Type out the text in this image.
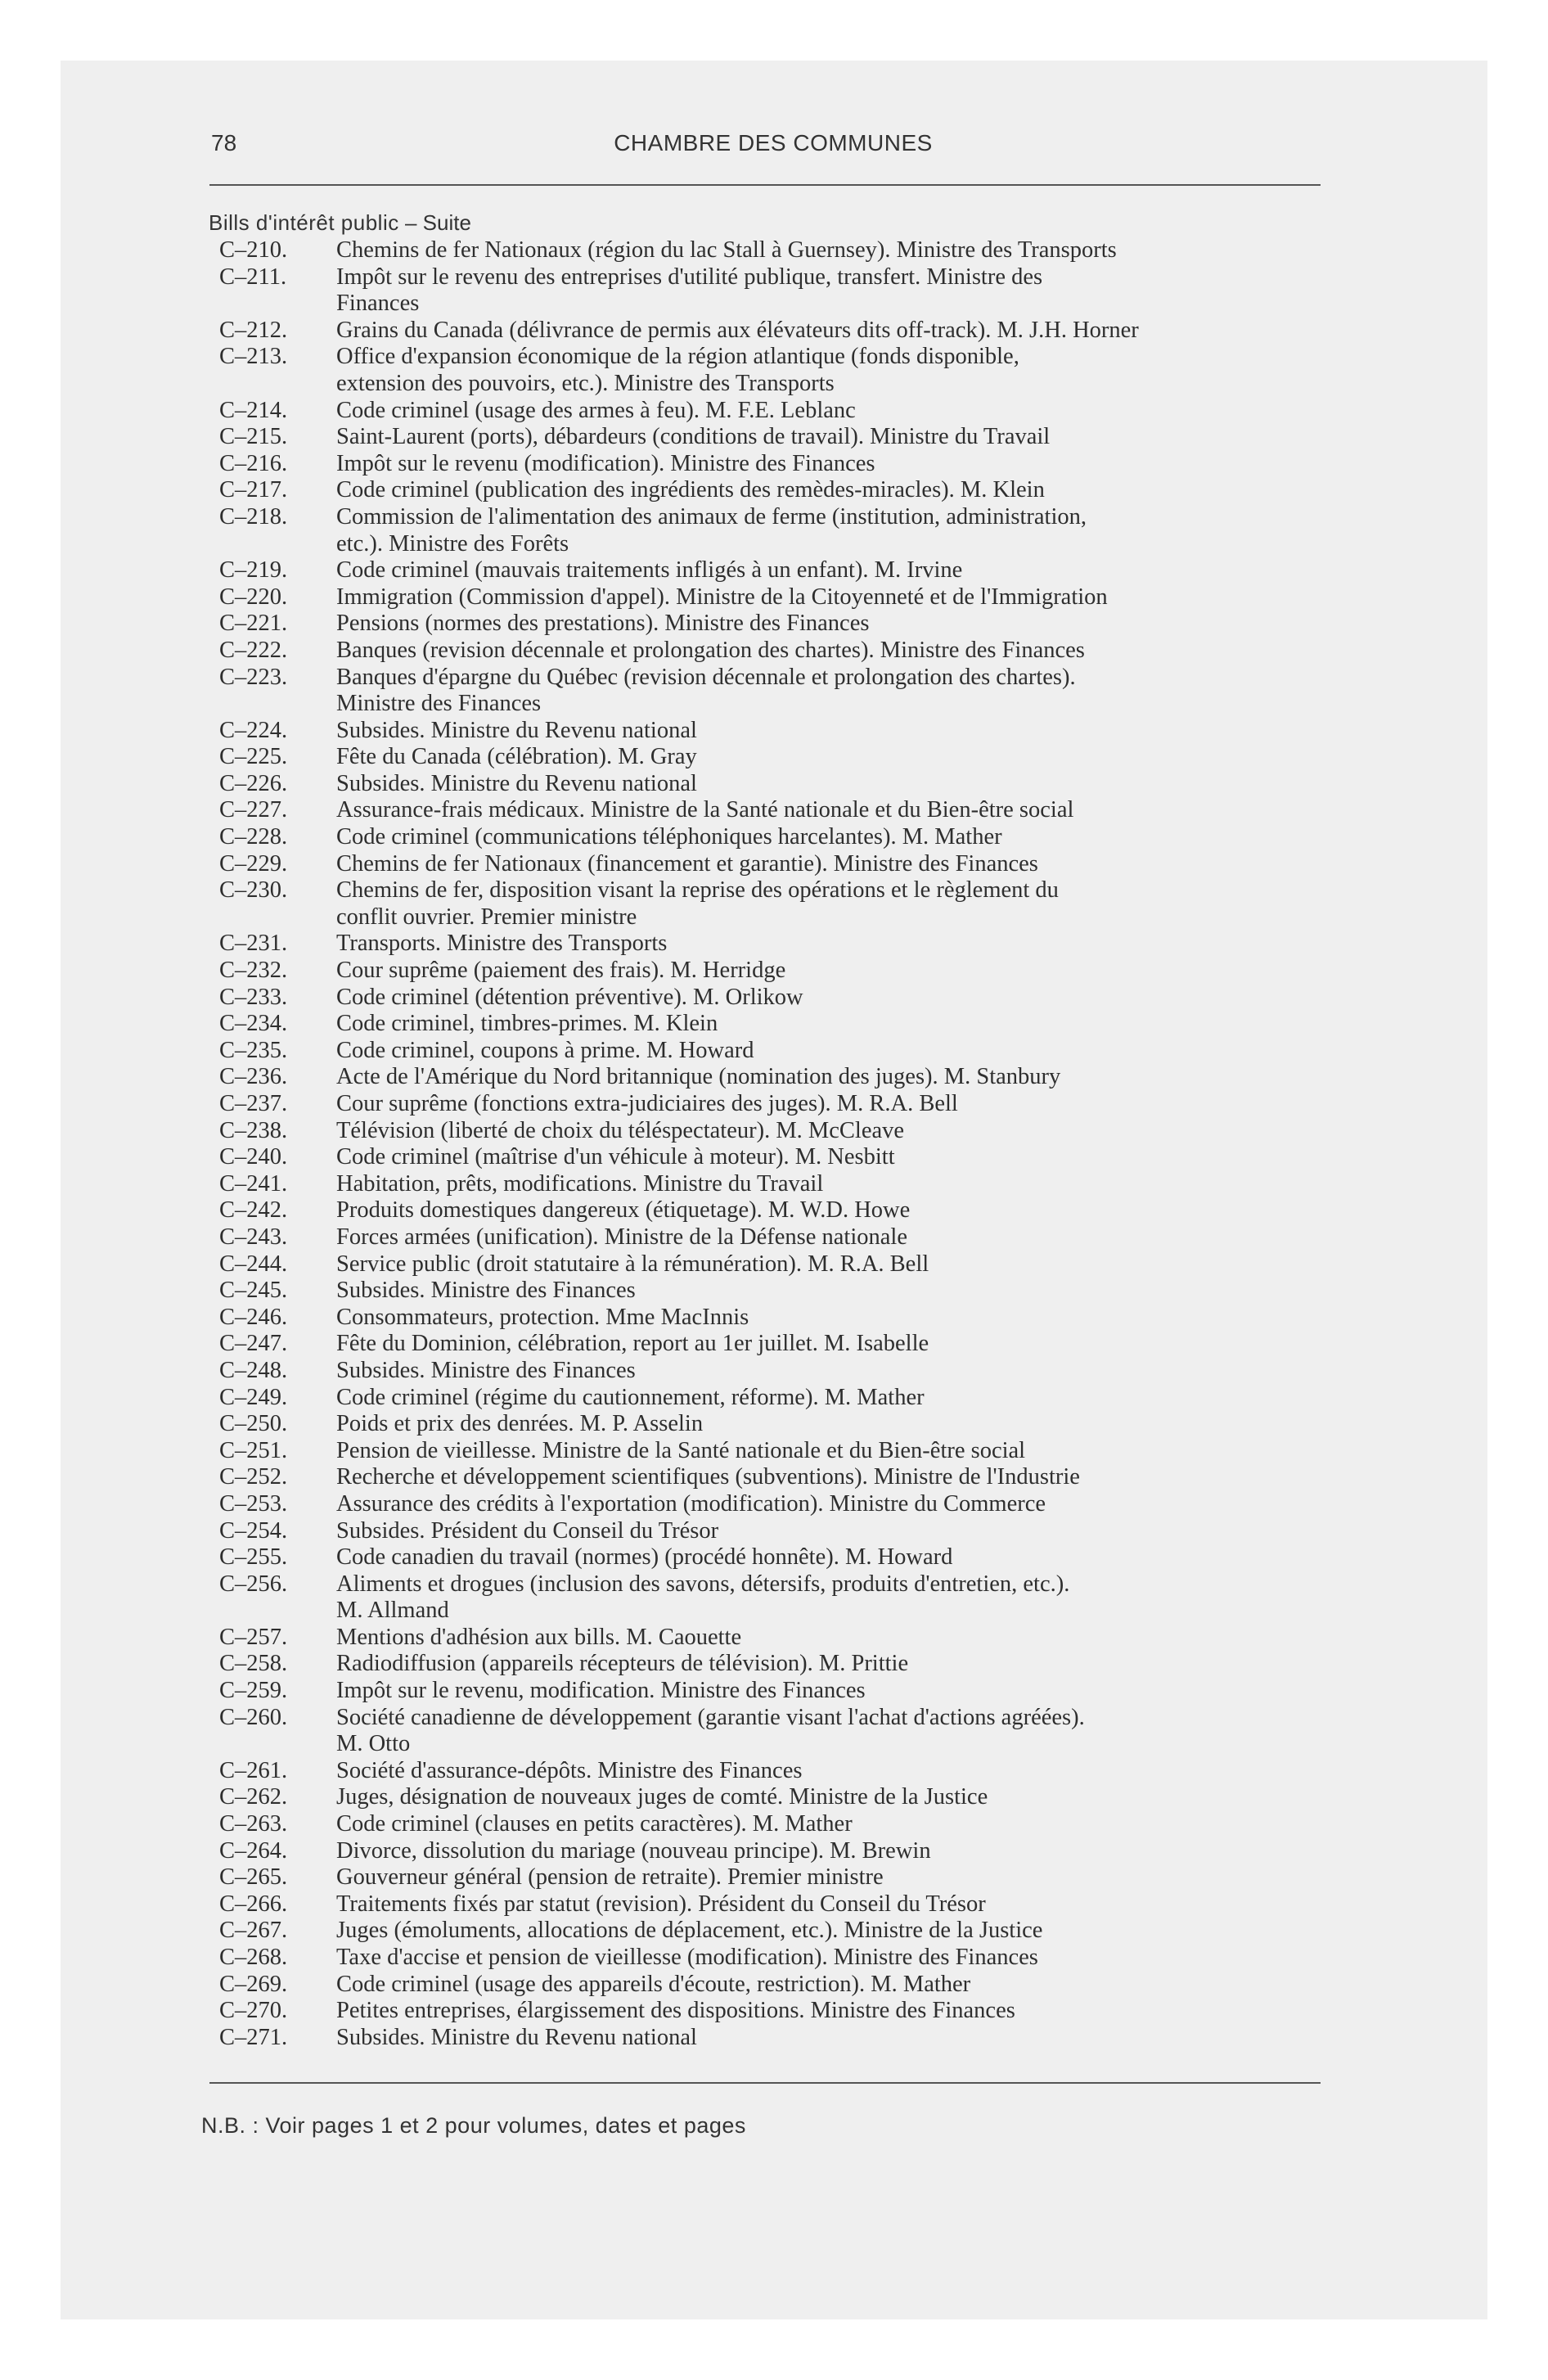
78	CHAMBRE DES COMMUNES
Bills d'intérêt public – Suite
C–210.	Chemins de fer Nationaux (région du lac Stall à Guernsey). Ministre des Transports
C–211.	Impôt sur le revenu des entreprises d'utilité publique, transfert. Ministre des
Finances
C–212.	Grains du Canada (délivrance de permis aux élévateurs dits off-track). M. J.H. Horner
C–213.	Office d'expansion économique de la région atlantique (fonds disponible,
extension des pouvoirs, etc.). Ministre des Transports
C–214.	Code criminel (usage des armes à feu). M. F.E. Leblanc
C–215.	Saint-Laurent (ports), débardeurs (conditions de travail). Ministre du Travail
C–216.	Impôt sur le revenu (modification). Ministre des Finances
C–217.	Code criminel (publication des ingrédients des remèdes-miracles). M. Klein
C–218.	Commission de l'alimentation des animaux de ferme (institution, administration,
etc.). Ministre des Forêts
C–219.	Code criminel (mauvais traitements infligés à un enfant). M. Irvine
C–220.	Immigration (Commission d'appel). Ministre de la Citoyenneté et de l'Immigration
C–221.	Pensions (normes des prestations). Ministre des Finances
C–222.	Banques (revision décennale et prolongation des chartes). Ministre des Finances
C–223.	Banques d'épargne du Québec (revision décennale et prolongation des chartes).
Ministre des Finances
C–224.	Subsides. Ministre du Revenu national
C–225.	Fête du Canada (célébration). M. Gray
C–226.	Subsides. Ministre du Revenu national
C–227.	Assurance-frais médicaux. Ministre de la Santé nationale et du Bien-être social
C–228.	Code criminel (communications téléphoniques harcelantes). M. Mather
C–229.	Chemins de fer Nationaux (financement et garantie). Ministre des Finances
C–230.	Chemins de fer, disposition visant la reprise des opérations et le règlement du
conflit ouvrier. Premier ministre
C–231.	Transports. Ministre des Transports
C–232.	Cour suprême (paiement des frais). M. Herridge
C–233.	Code criminel (détention préventive). M. Orlikow
C–234.	Code criminel, timbres-primes. M. Klein
C–235.	Code criminel, coupons à prime. M. Howard
C–236.	Acte de l'Amérique du Nord britannique (nomination des juges). M. Stanbury
C–237.	Cour suprême (fonctions extra-judiciaires des juges). M. R.A. Bell
C–238.	Télévision (liberté de choix du téléspectateur). M. McCleave
C–240.	Code criminel (maîtrise d'un véhicule à moteur). M. Nesbitt
C–241.	Habitation, prêts, modifications. Ministre du Travail
C–242.	Produits domestiques dangereux (étiquetage). M. W.D. Howe
C–243.	Forces armées (unification). Ministre de la Défense nationale
C–244.	Service public (droit statutaire à la rémunération). M. R.A. Bell
C–245.	Subsides. Ministre des Finances
C–246.	Consommateurs, protection. Mme MacInnis
C–247.	Fête du Dominion, célébration, report au 1er juillet. M. Isabelle
C–248.	Subsides. Ministre des Finances
C–249.	Code criminel (régime du cautionnement, réforme). M. Mather
C–250.	Poids et prix des denrées. M. P. Asselin
C–251.	Pension de vieillesse. Ministre de la Santé nationale et du Bien-être social
C–252.	Recherche et développement scientifiques (subventions). Ministre de l'Industrie
C–253.	Assurance des crédits à l'exportation (modification). Ministre du Commerce
C–254.	Subsides. Président du Conseil du Trésor
C–255.	Code canadien du travail (normes) (procédé honnête). M. Howard
C–256.	Aliments et drogues (inclusion des savons, détersifs, produits d'entretien, etc.).
M. Allmand
C–257.	Mentions d'adhésion aux bills. M. Caouette
C–258.	Radiodiffusion (appareils récepteurs de télévision). M. Prittie
C–259.	Impôt sur le revenu, modification. Ministre des Finances
C–260.	Société canadienne de développement (garantie visant l'achat d'actions agréées).
M. Otto
C–261.	Société d'assurance-dépôts. Ministre des Finances
C–262.	Juges, désignation de nouveaux juges de comté. Ministre de la Justice
C–263.	Code criminel (clauses en petits caractères). M. Mather
C–264.	Divorce, dissolution du mariage (nouveau principe). M. Brewin
C–265.	Gouverneur général (pension de retraite). Premier ministre
C–266.	Traitements fixés par statut (revision). Président du Conseil du Trésor
C–267.	Juges (émoluments, allocations de déplacement, etc.). Ministre de la Justice
C–268.	Taxe d'accise et pension de vieillesse (modification). Ministre des Finances
C–269.	Code criminel (usage des appareils d'écoute, restriction). M. Mather
C–270.	Petites entreprises, élargissement des dispositions. Ministre des Finances
C–271.	Subsides. Ministre du Revenu national
N.B. : Voir pages 1 et 2 pour volumes, dates et pages
